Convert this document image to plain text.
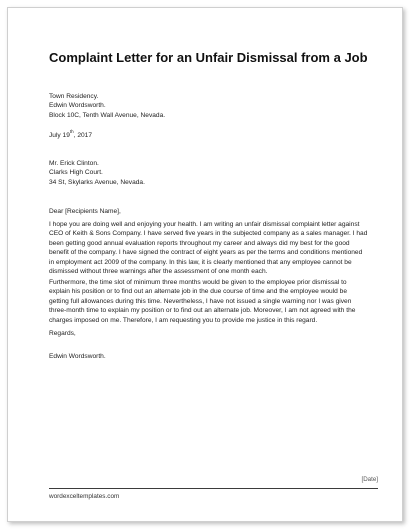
Complaint Letter for an Unfair Dismissal from a Job
Town Residency.
Edwin Wordsworth.
Block 10C, Tenth Wall Avenue, Nevada.
July 19th, 2017
Mr. Erick Clinton.
Clarks High Court.
34 St, Skylarks Avenue, Nevada.
Dear [Recipients Name],
I hope you are doing well and enjoying your health. I am writing an unfair dismissal complaint letter against
CEO of Keith & Sons Company. I have served five years in the subjected company as a sales manager. I had
been getting good annual evaluation reports throughout my career and always did my best for the good
benefit of the company. I have signed the contract of eight years as per the terms and conditions mentioned
in employment act 2009 of the company. In this law, it is clearly mentioned that any employee cannot be
dismissed without three warnings after the assessment of one month each.
Furthermore, the time slot of minimum three months would be given to the employee prior dismissal to
explain his position or to find out an alternate job in the due course of time and the employee would be
getting full allowances during this time. Nevertheless, I have not issued a single warning nor I was given
three-month time to explain my position or to find out an alternate job. Moreover, I am not agreed with the
charges imposed on me. Therefore, I am requesting you to provide me justice in this regard.
Regards,
Edwin Wordsworth.
[Date]
wordexceltemplates.com
